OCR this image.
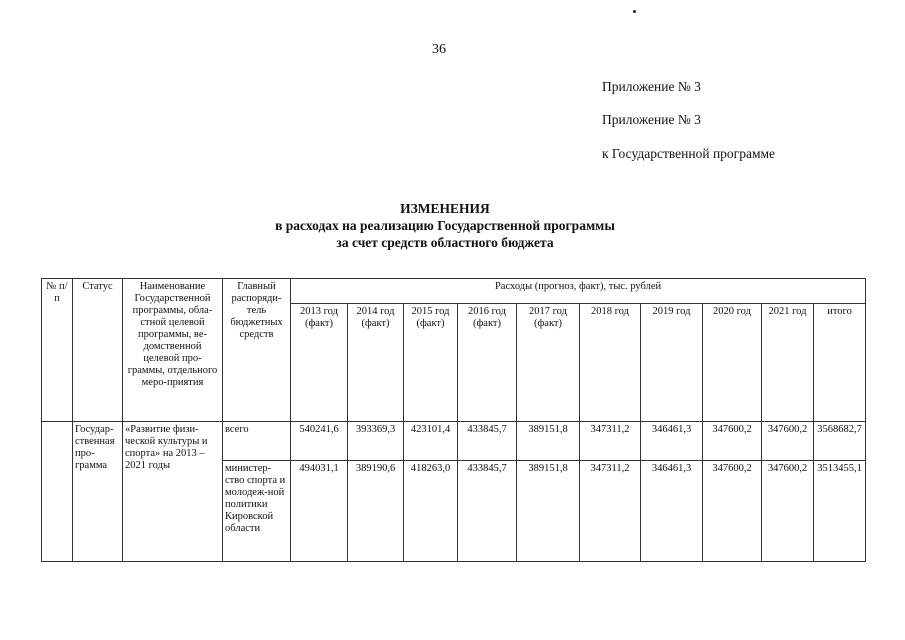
36
Приложение № 3
Приложение № 3
к Государственной программе
ИЗМЕНЕНИЯ
в расходах на реализацию Государственной программы
за счет средств областного бюджета
№ п/п	Статус	Наименование Государственной программы, обла-стной целевой программы, ве-домственной целевой про-граммы, отдельного меро-приятия	Главный распоряди-тель бюджетных средств	Расходы (прогноз, факт), тыс. рублей									
				2013 год (факт)	2014 год (факт)	2015 год (факт)	2016 год (факт)	2017 год (факт)	2018 год	2019 год	2020 год	2021 год	итого
	Государ-ственная про-грамма	«Развитие физи-ческой культуры и спорта» на 2013 – 2021 годы	всего	540241,6	393369,3	423101,4	433845,7	389151,8	347311,2	346461,3	347600,2	347600,2	3568682,7
			министер-ство спорта и молодеж-ной политики Кировской области	494031,1	389190,6	418263,0	433845,7	389151,8	347311,2	346461,3	347600,2	347600,2	3513455,1
